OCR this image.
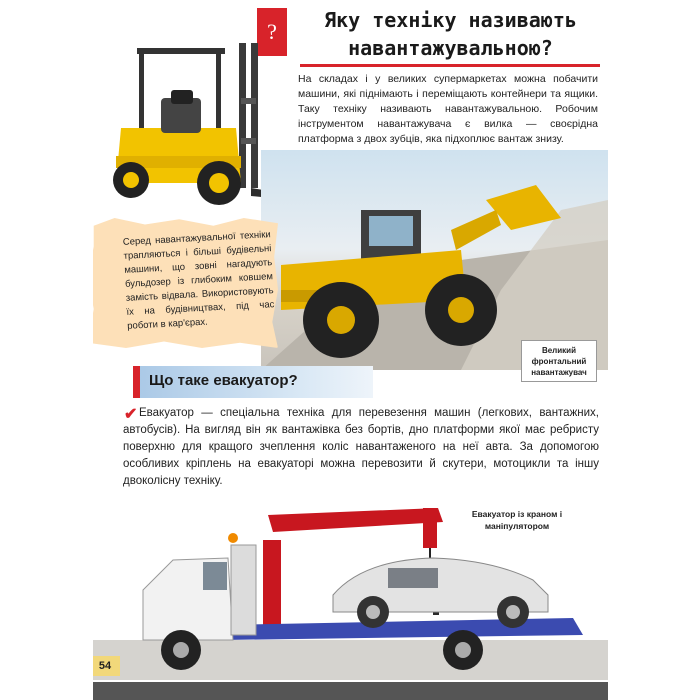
?	Яку техніку називають навантажувальною?

На складах і у великих супермаркетах можна побачити машини, які піднімають і переміщають контейнери та ящики. Таку техніку називають навантажувальною. Робочим інструментом навантажувача є вилка — своєрідна платформа з двох зубців, яка підхоплює вантаж знизу.

Серед навантажувальної техніки трапляються і більші будівельні машини, що зовні нагадують бульдозер із глибоким ковшем замість відвала. Використовують їх на будівництвах, під час роботи в кар'єрах.

Великий фронтальний навантажувач
Що таке евакуатор?
✔ Евакуатор — спеціальна техніка для перевезення машин (легкових, вантажних, автобусів). На вигляд він як вантажівка без бортів, дно платформи якої має ребристу поверхню для кращого зчеплення коліс навантаженого на неї авта. За допомогою особливих кріплень на евакуаторі можна перевозити й скутери, мотоцикли та іншу двоколісну техніку.

Евакуатор із краном і маніпулятором
54
